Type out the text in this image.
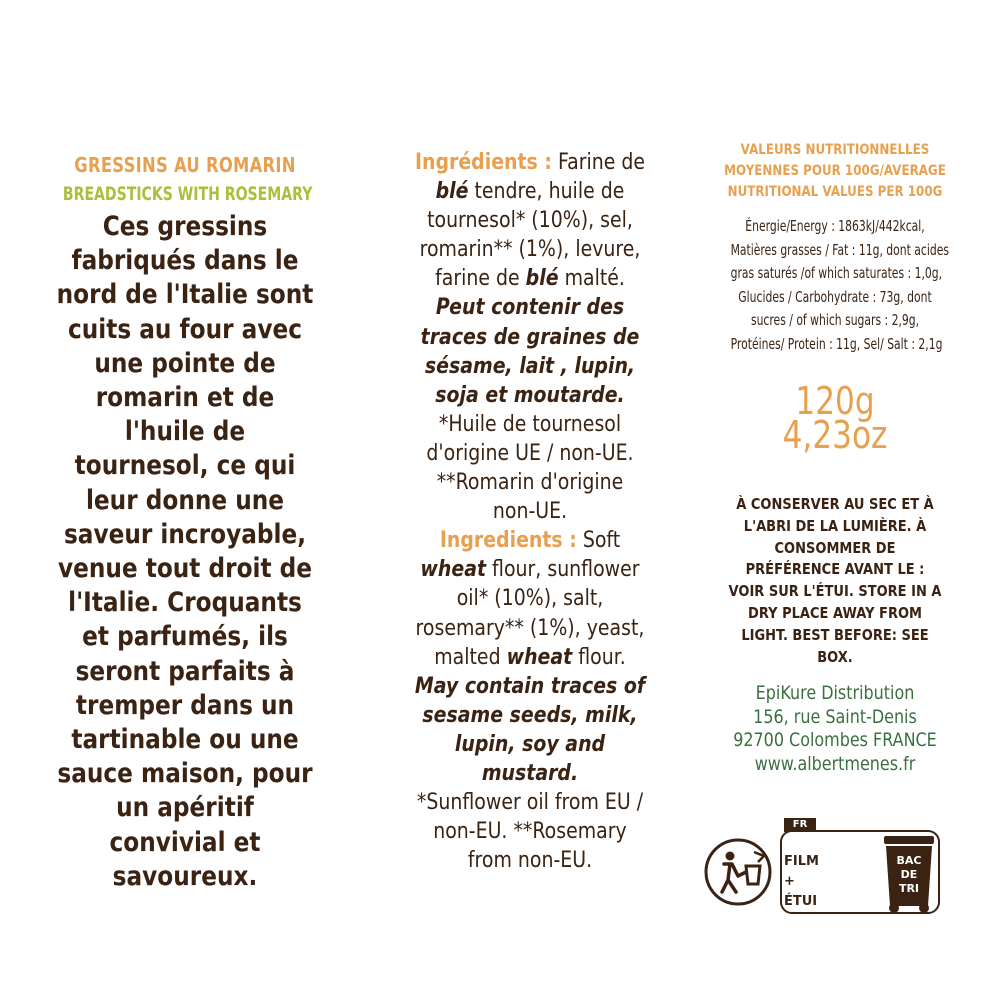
GRESSINS AU ROMARIN
BREADSTICKS WITH ROSEMARY
Ces gressins
fabriqués dans le
nord de l'Italie sont
cuits au four avec
une pointe de
romarin et de
l'huile de
tournesol, ce qui
leur donne une
saveur incroyable,
venue tout droit de
l'Italie. Croquants
et parfumés, ils
seront parfaits à
tremper dans un
tartinable ou une
sauce maison, pour
un apéritif
convivial et
savoureux.
Ingrédients : Farine de
blé tendre, huile de
tournesol* (10%), sel,
romarin** (1%), levure,
farine de blé malté.
Peut contenir des
traces de graines de
sésame, lait , lupin,
soja et moutarde.
*Huile de tournesol
d'origine UE / non-UE.
**Romarin d'origine
non-UE.
Ingredients : Soft
wheat flour, sunflower
oil* (10%), salt,
rosemary** (1%), yeast,
malted wheat flour.
May contain traces of
sesame seeds, milk,
lupin, soy and
mustard.
*Sunflower oil from EU /
non-EU. **Rosemary
from non-EU.
VALEURS NUTRITIONNELLES
MOYENNES POUR 100G/AVERAGE
NUTRITIONAL VALUES PER 100G
Énergie/Energy : 1863kJ/442kcal,
Matières grasses / Fat : 11g, dont acides
gras saturés /of which saturates : 1,0g,
Glucides / Carbohydrate : 73g, dont
sucres / of which sugars : 2,9g,
Protéines/ Protein : 11g, Sel/ Salt : 2,1g
120g
4,23oz
À CONSERVER AU SEC ET À
L'ABRI DE LA LUMIÈRE. À
CONSOMMER DE
PRÉFÉRENCE AVANT LE :
VOIR SUR L'ÉTUI. STORE IN A
DRY PLACE AWAY FROM
LIGHT. BEST BEFORE: SEE
BOX.
EpiKure Distribution
156, rue Saint-Denis
92700 Colombes FRANCE
www.albertmenes.fr
FR
FILM
+
ÉTUI
BAC
DE
TRI
